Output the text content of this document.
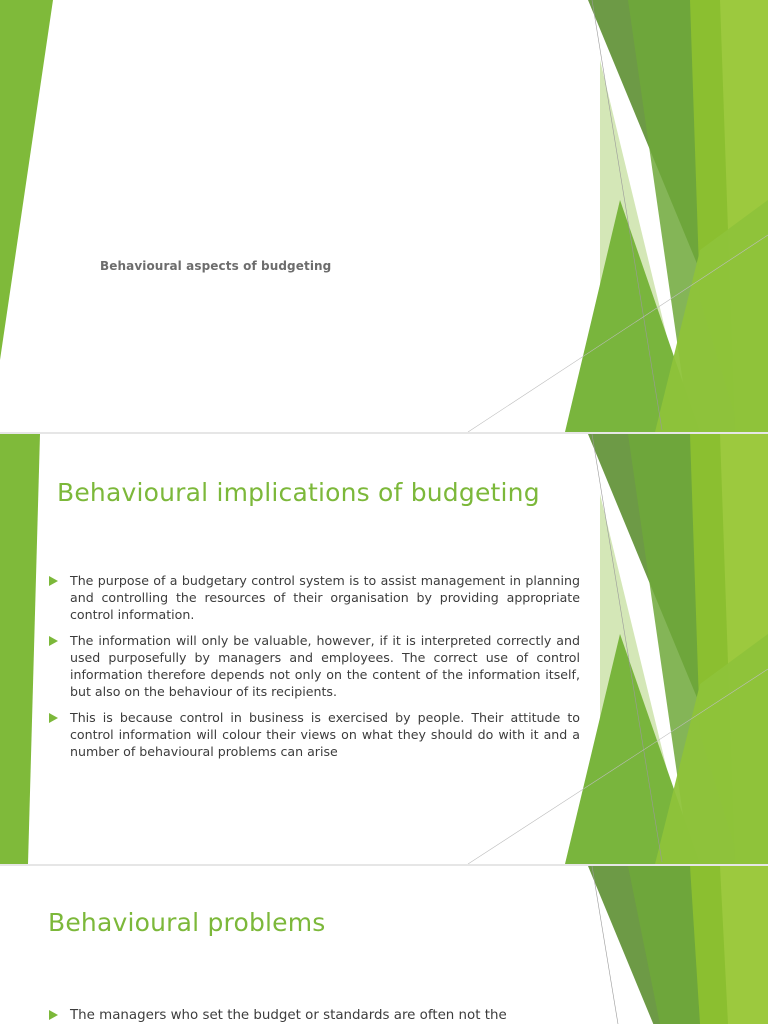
Behavioural aspects of budgeting
Behavioural implications of budgeting
The purpose of a budgetary control system is to assist management in planning and controlling the resources of their organisation by providing appropriate control information.
The information will only be valuable, however, if it is interpreted correctly and used purposefully by managers and employees. The correct use of control information therefore depends not only on the content of the information itself, but also on the behaviour of its recipients.
This is because control in business is exercised by people. Their attitude to control information will colour their views on what they should do with it and a number of behavioural problems can arise
Behavioural problems
The managers who set the budget or standards are often not the
